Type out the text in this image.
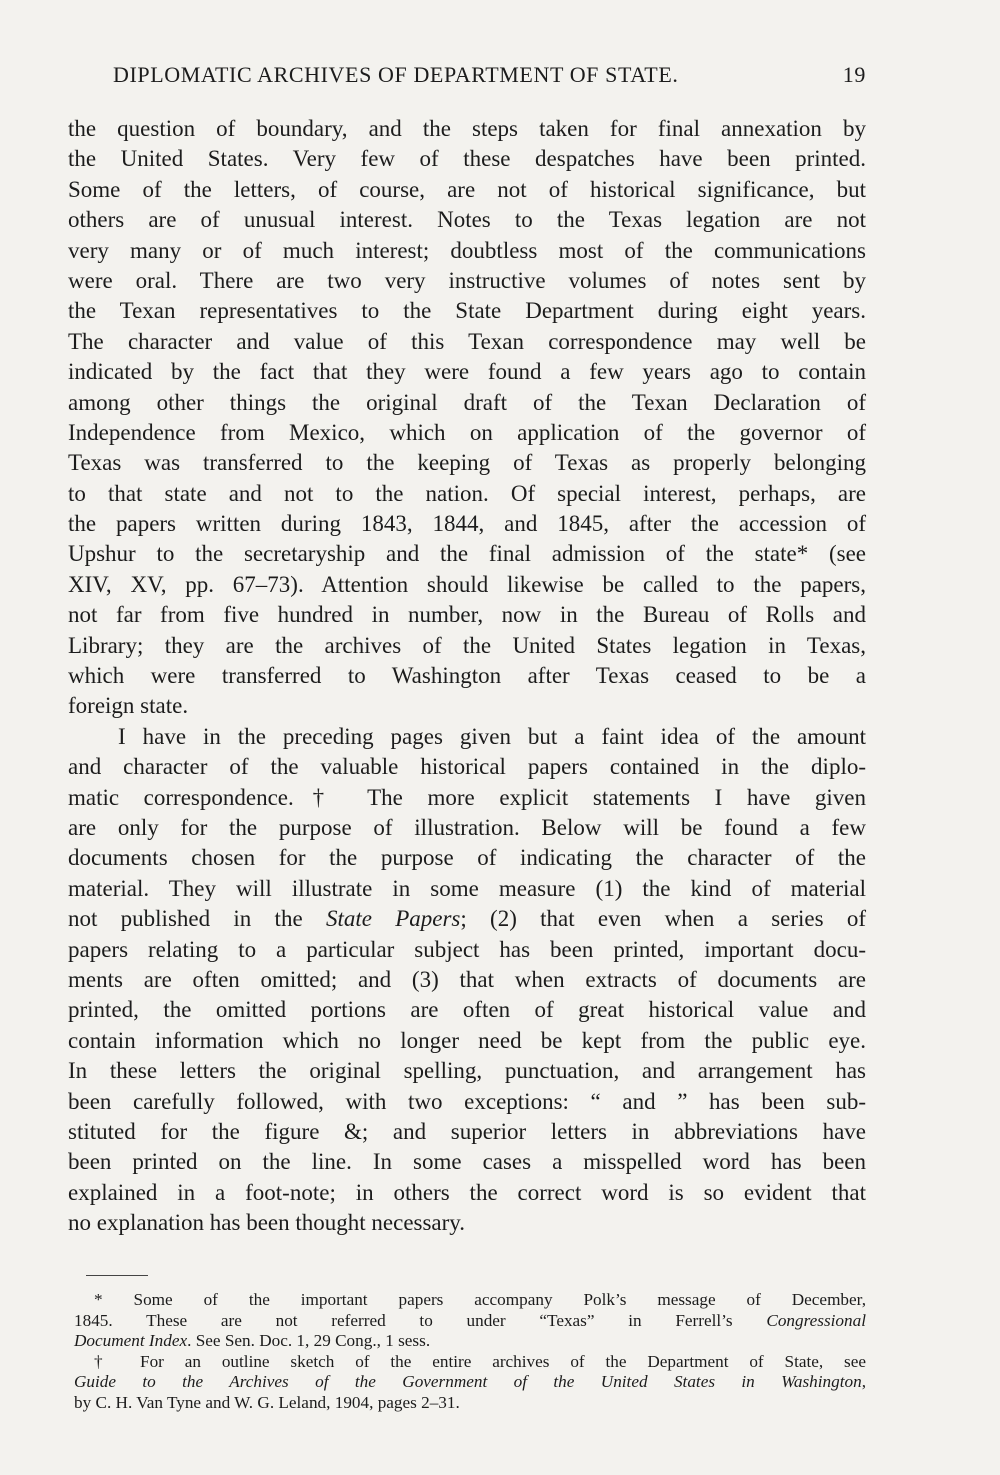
DIPLOMATIC ARCHIVES OF DEPARTMENT OF STATE.	19
the question of boundary, and the steps taken for final annexation by
the United States. Very few of these despatches have been printed.
Some of the letters, of course, are not of historical significance, but
others are of unusual interest. Notes to the Texas legation are not
very many or of much interest; doubtless most of the communications
were oral. There are two very instructive volumes of notes sent by
the Texan representatives to the State Department during eight years.
The character and value of this Texan correspondence may well be
indicated by the fact that they were found a few years ago to contain
among other things the original draft of the Texan Declaration of
Independence from Mexico, which on application of the governor of
Texas was transferred to the keeping of Texas as properly belonging
to that state and not to the nation. Of special interest, perhaps, are
the papers written during 1843, 1844, and 1845, after the accession of
Upshur to the secretaryship and the final admission of the state* (see
XIV, XV, pp. 67–73). Attention should likewise be called to the papers,
not far from five hundred in number, now in the Bureau of Rolls and
Library; they are the archives of the United States legation in Texas,
which were transferred to Washington after Texas ceased to be a
foreign state.
I have in the preceding pages given but a faint idea of the amount
and character of the valuable historical papers contained in the diplo-
matic correspondence.† The more explicit statements I have given
are only for the purpose of illustration. Below will be found a few
documents chosen for the purpose of indicating the character of the
material. They will illustrate in some measure (1) the kind of material
not published in the State Papers; (2) that even when a series of
papers relating to a particular subject has been printed, important docu-
ments are often omitted; and (3) that when extracts of documents are
printed, the omitted portions are often of great historical value and
contain information which no longer need be kept from the public eye.
In these letters the original spelling, punctuation, and arrangement has
been carefully followed, with two exceptions: “ and ” has been sub-
stituted for the figure &; and superior letters in abbreviations have
been printed on the line. In some cases a misspelled word has been
explained in a foot-note; in others the correct word is so evident that
no explanation has been thought necessary.
* Some of the important papers accompany Polk’s message of December,
1845. These are not referred to under “Texas” in Ferrell’s Congressional
Document Index. See Sen. Doc. 1, 29 Cong., 1 sess.
† For an outline sketch of the entire archives of the Department of State, see
Guide to the Archives of the Government of the United States in Washington,
by C. H. Van Tyne and W. G. Leland, 1904, pages 2–31.
